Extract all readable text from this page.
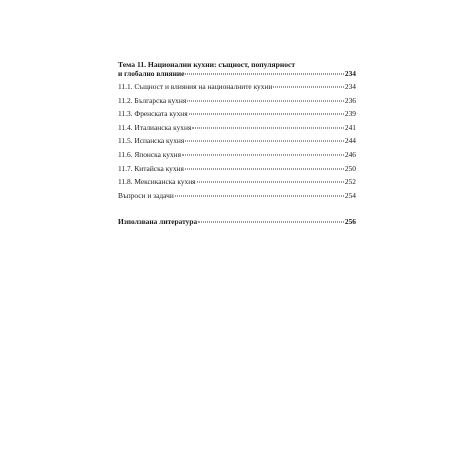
Тема 11. Национални кухни: същност, популярност
и глобално влияние	234
11.1. Същност и влияния на националните кухни	234
11.2. Българска кухня	236
11.3. Френската кухня	239
11.4. Италианска кухня	241
11.5. Испанска кухня	244
11.6. Японска кухня	246
11.7. Китайска кухня	250
11.8. Мексиканска кухня	252
Въпроси и задачи	254
Използвана литература	256
